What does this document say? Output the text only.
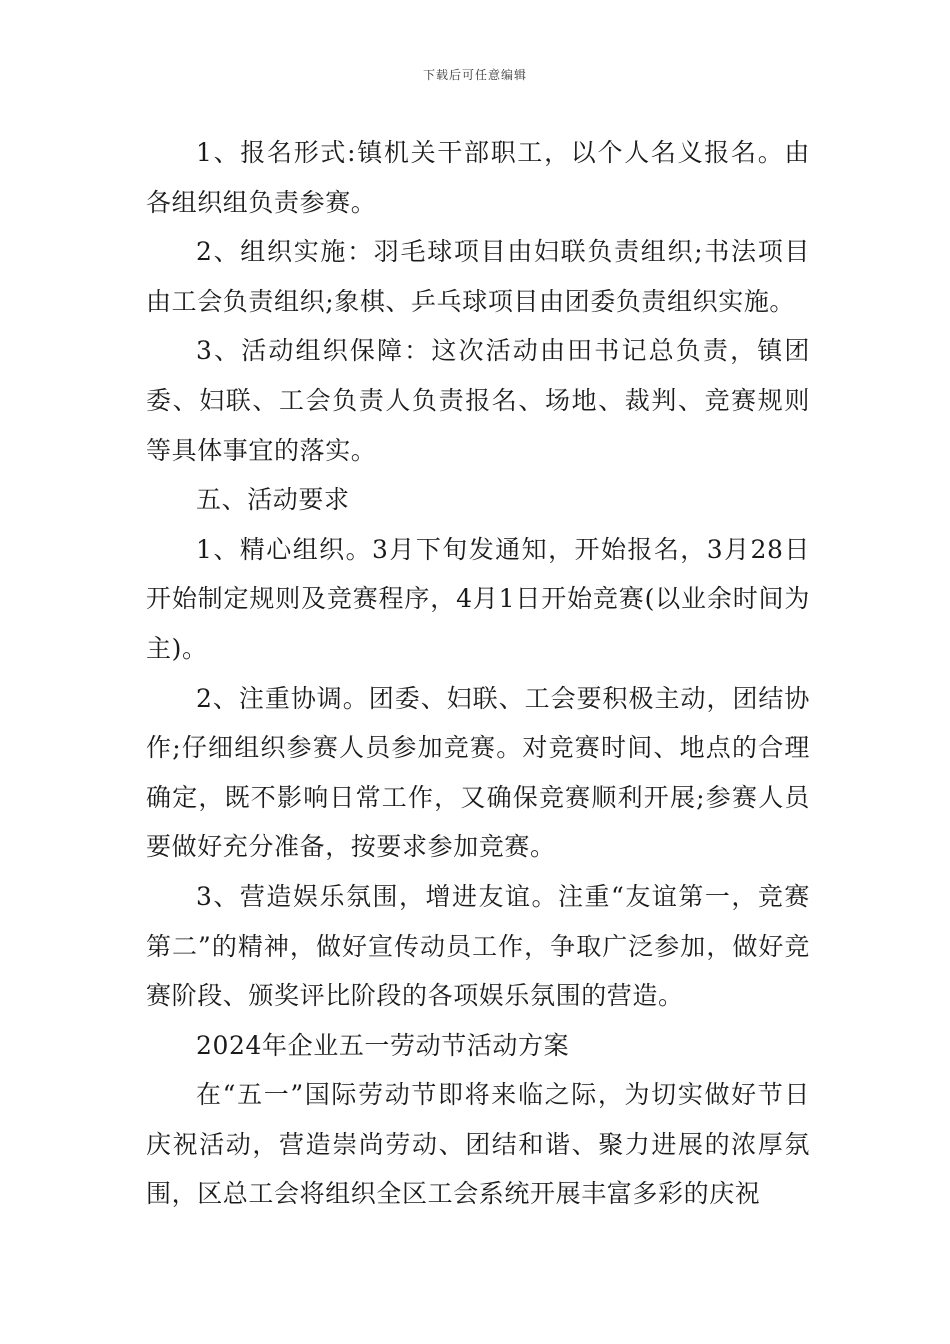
下载后可任意编辑

1、报名形式:镇机关干部职工，以个人名义报名。由各组织组负责参赛。

2、组织实施：羽毛球项目由妇联负责组织;书法项目由工会负责组织;象棋、乒乓球项目由团委负责组织实施。

3、活动组织保障：这次活动由田书记总负责，镇团委、妇联、工会负责人负责报名、场地、裁判、竞赛规则等具体事宜的落实。

五、活动要求

1、精心组织。3月下旬发通知，开始报名，3月28日开始制定规则及竞赛程序，4月1日开始竞赛(以业余时间为主)。

2、注重协调。团委、妇联、工会要积极主动，团结协作;仔细组织参赛人员参加竞赛。对竞赛时间、地点的合理确定，既不影响日常工作，又确保竞赛顺利开展;参赛人员要做好充分准备，按要求参加竞赛。

3、营造娱乐氛围，增进友谊。注重“友谊第一，竞赛第二”的精神，做好宣传动员工作，争取广泛参加，做好竞赛阶段、颁奖评比阶段的各项娱乐氛围的营造。

2024年企业五一劳动节活动方案

在“五一”国际劳动节即将来临之际，为切实做好节日庆祝活动，营造崇尚劳动、团结和谐、聚力进展的浓厚氛围，区总工会将组织全区工会系统开展丰富多彩的庆祝
